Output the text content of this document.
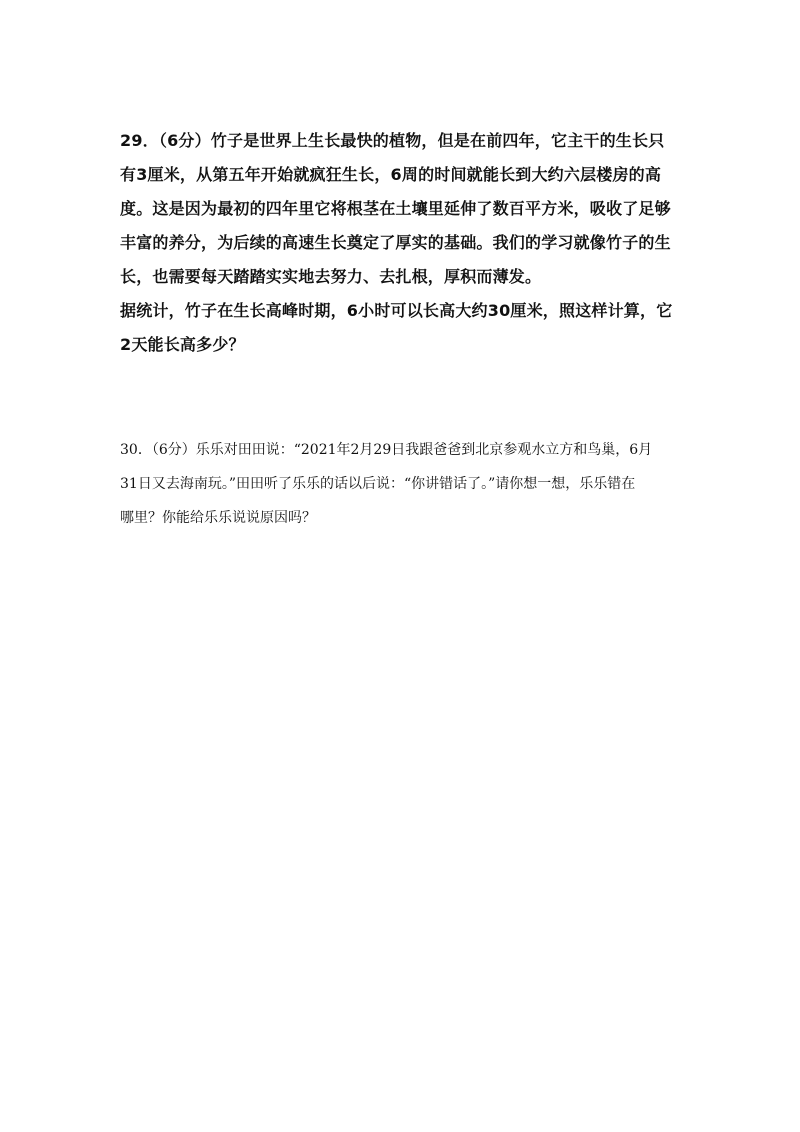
29．（6分）竹子是世界上生长最快的植物，但是在前四年，它主干的生长只
有3厘米，从第五年开始就疯狂生长，6周的时间就能长到大约六层楼房的高
度。这是因为最初的四年里它将根茎在土壤里延伸了数百平方米，吸收了足够
丰富的养分，为后续的高速生长奠定了厚实的基础。我们的学习就像竹子的生
长，也需要每天踏踏实实地去努力、去扎根，厚积而薄发。
据统计，竹子在生长高峰时期，6小时可以长高大约30厘米，照这样计算，它
2天能长高多少？
30．（6分）乐乐对田田说：“2021年2月29日我跟爸爸到北京参观水立方和鸟巢，6月
31日又去海南玩。”田田听了乐乐的话以后说：“你讲错话了。”请你想一想，乐乐错在
哪里？你能给乐乐说说原因吗？
